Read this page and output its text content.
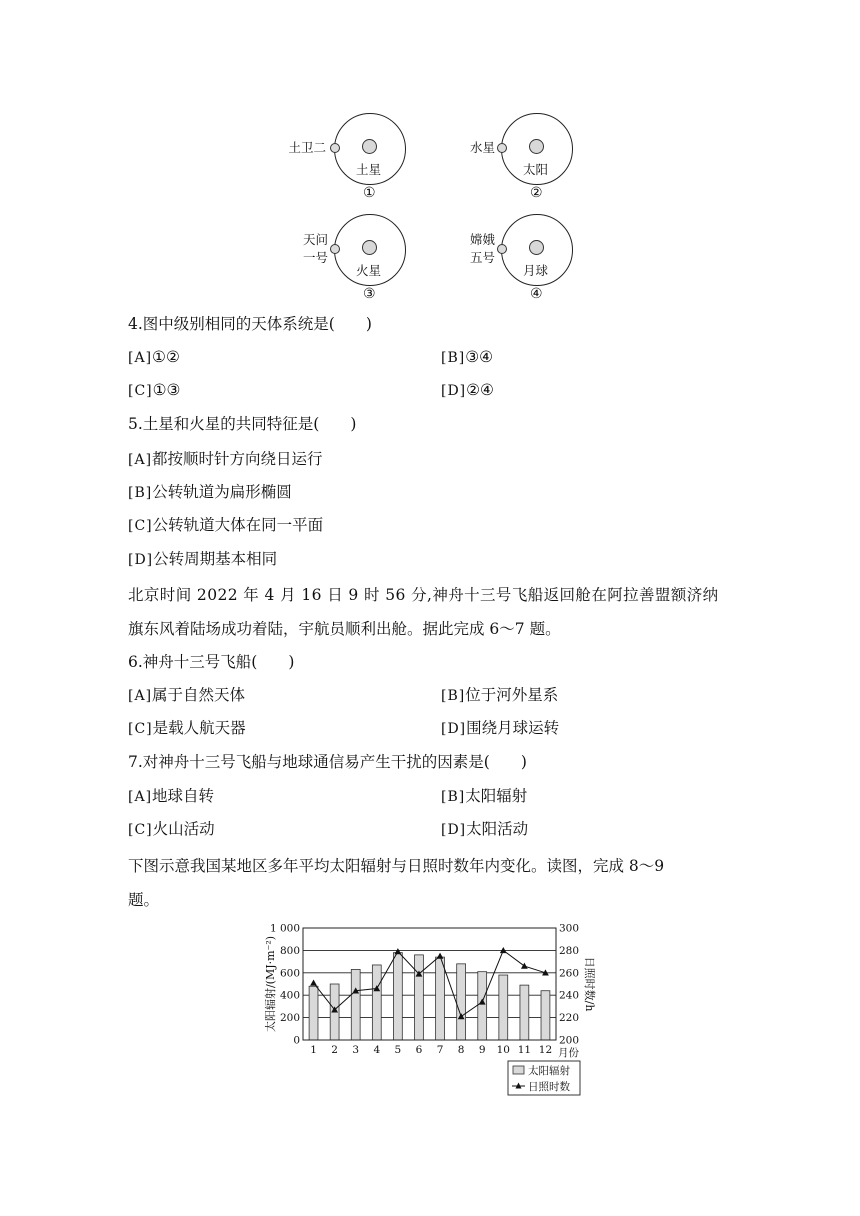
土卫二
土星
①
水星
太阳
②
天问
一号
火星
③
嫦娥
五号
月球
④
4.图中级别相同的天体系统是(　　)
[A]①②	[B]③④
[C]①③	[D]②④
5.土星和火星的共同特征是(　　)
[A]都按顺时针方向绕日运行
[B]公转轨道为扁形椭圆
[C]公转轨道大体在同一平面
[D]公转周期基本相同
北京时间 2022 年 4 月 16 日 9 时 56 分,神舟十三号飞船返回舱在阿拉善盟额济纳
旗东风着陆场成功着陆，宇航员顺利出舱。据此完成 6～7 题。
6.神舟十三号飞船(　　)
[A]属于自然天体	[B]位于河外星系
[C]是载人航天器	[D]围绕月球运转
7.对神舟十三号飞船与地球通信易产生干扰的因素是(　　)
[A]地球自转	[B]太阳辐射
[C]火山活动	[D]太阳活动
下图示意我国某地区多年平均太阳辐射与日照时数年内变化。读图，完成 8～9
题。
0
200
400
600
800
1 000
200
220
240
260
280
300
1 2 3 4 5 6 7 8 9 10 11 12 月份
太阳辐射/(MJ·m⁻²)	日照时数/h
太阳辐射
日照时数
